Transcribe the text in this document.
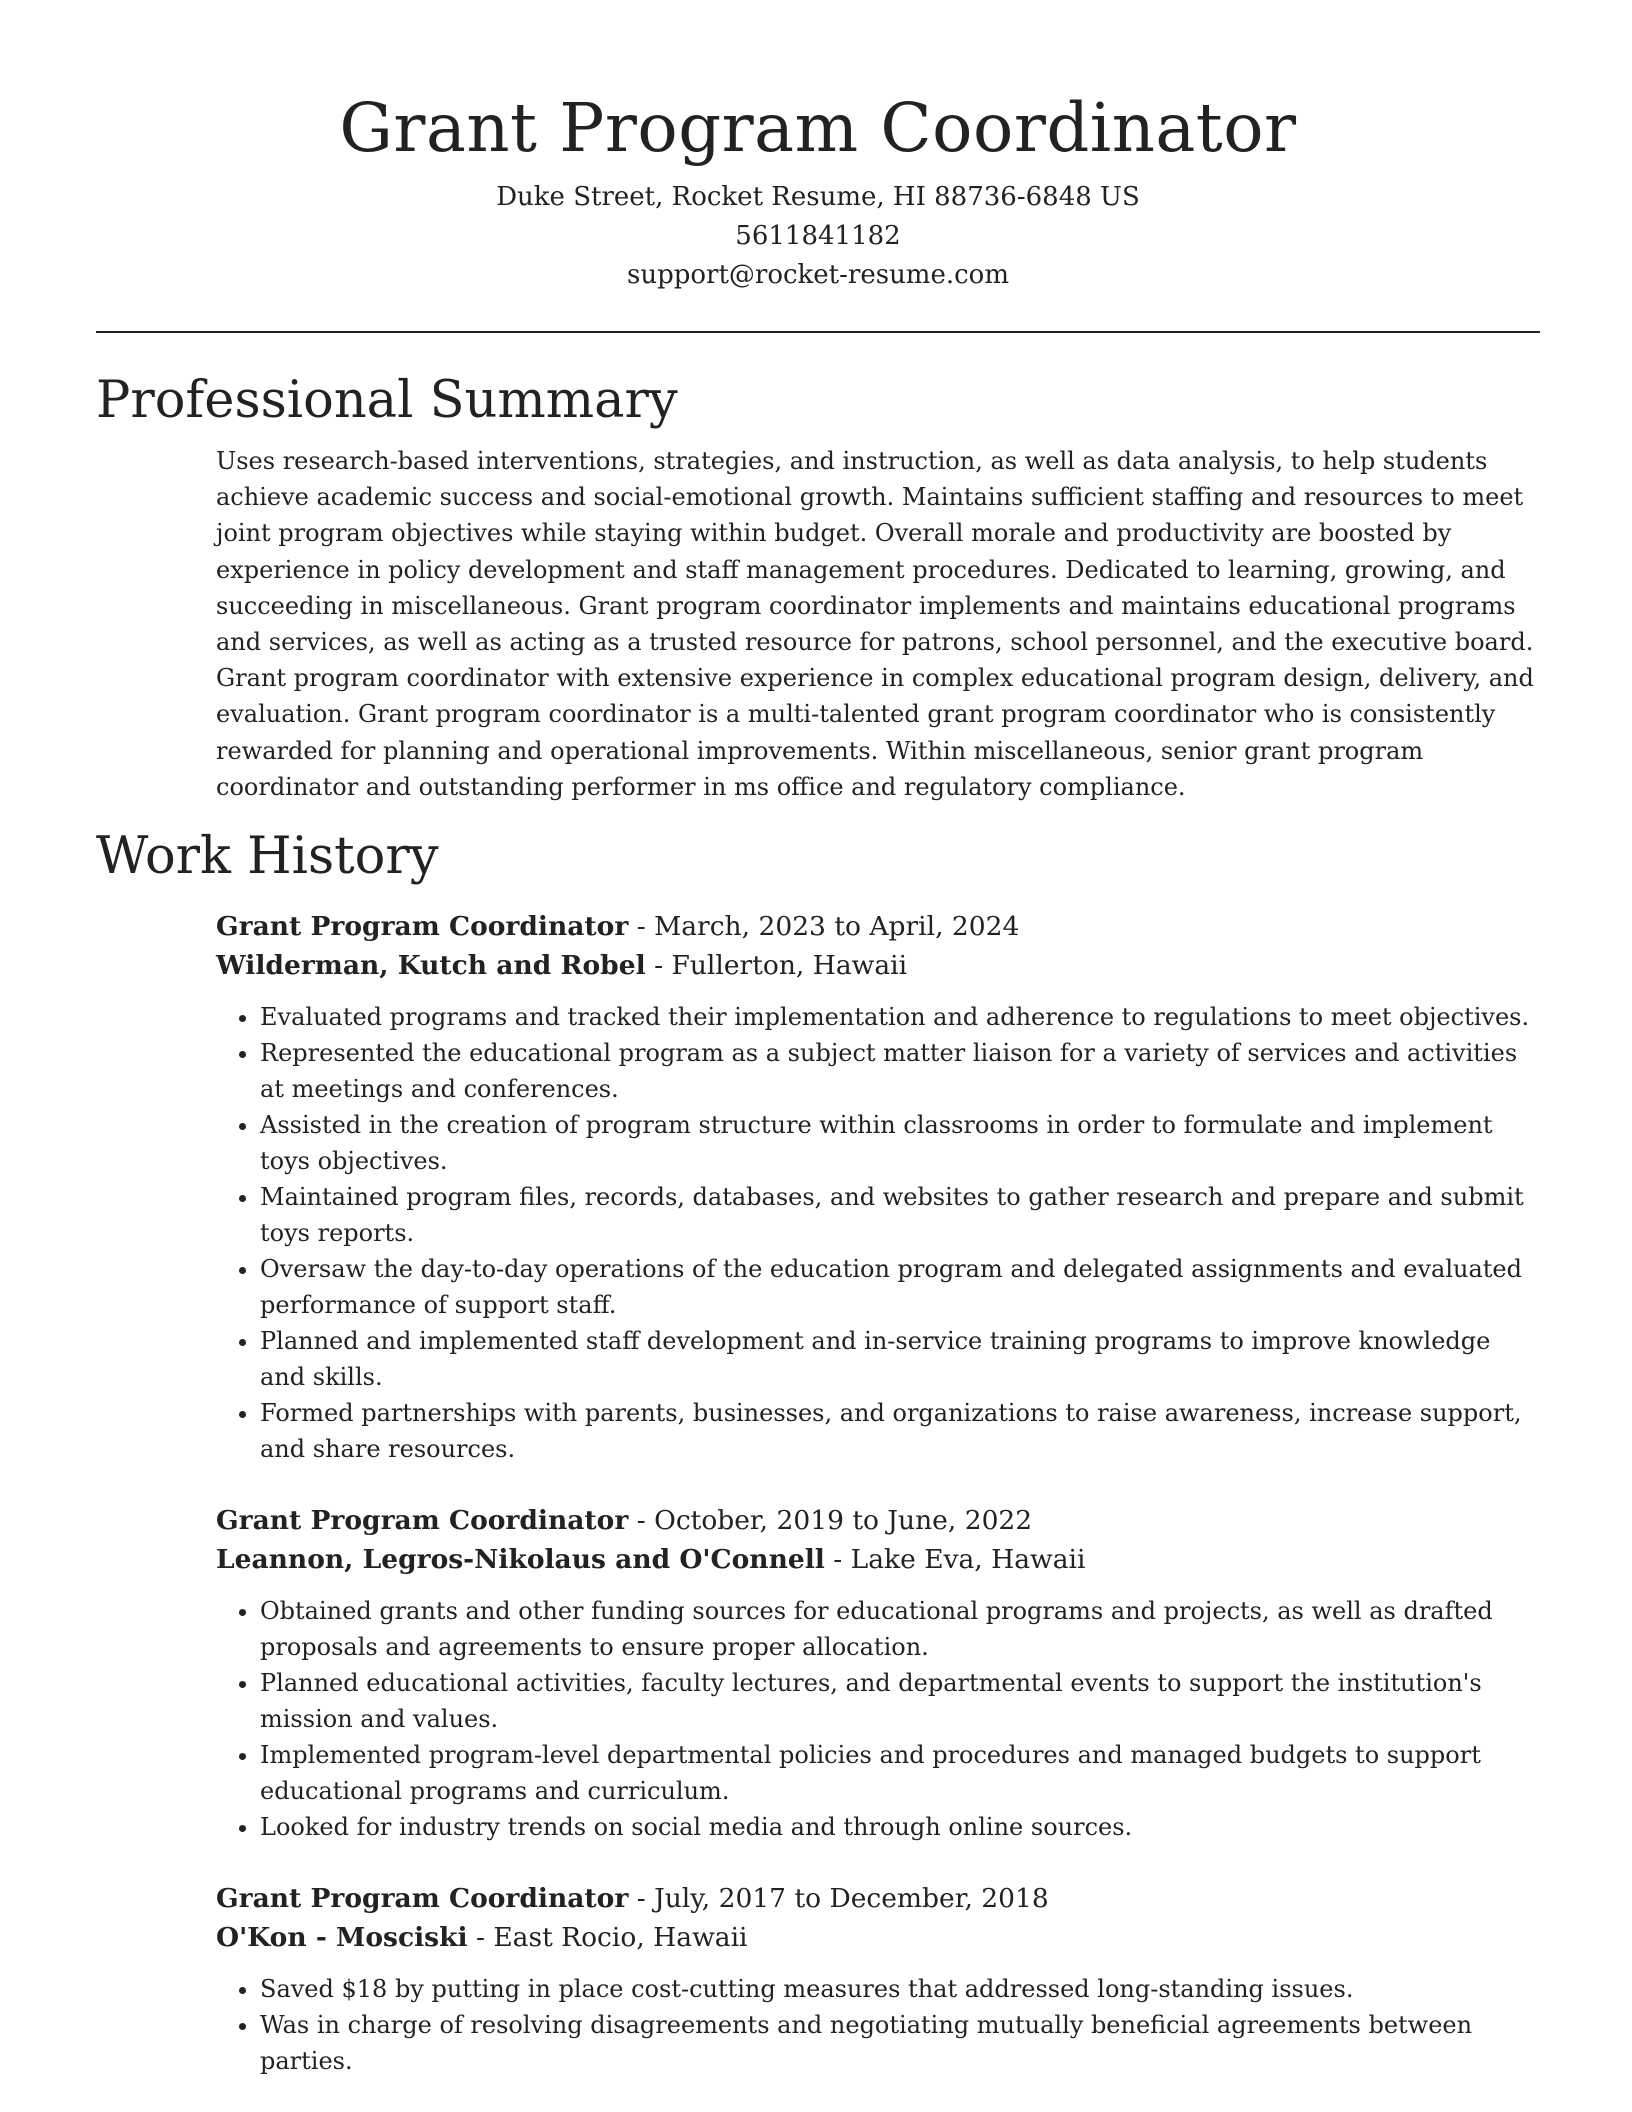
Grant Program Coordinator

Duke Street, Rocket Resume, HI 88736-6848 US

5611841182

support@rocket-resume.com

Professional Summary

Uses research-based interventions, strategies, and instruction, as well as data analysis, to help students achieve academic success and social-emotional growth. Maintains sufficient staffing and resources to meet joint program objectives while staying within budget. Overall morale and productivity are boosted by experience in policy development and staff management procedures. Dedicated to learning, growing, and succeeding in miscellaneous. Grant program coordinator implements and maintains educational programs and services, as well as acting as a trusted resource for patrons, school personnel, and the executive board. Grant program coordinator with extensive experience in complex educational program design, delivery, and evaluation. Grant program coordinator is a multi-talented grant program coordinator who is consistently rewarded for planning and operational improvements. Within miscellaneous, senior grant program coordinator and outstanding performer in ms office and regulatory compliance.

Work History

Grant Program Coordinator - March, 2023 to April, 2024

Wilderman, Kutch and Robel - Fullerton, Hawaii

• Evaluated programs and tracked their implementation and adherence to regulations to meet objectives.
• Represented the educational program as a subject matter liaison for a variety of services and activities at meetings and conferences.
• Assisted in the creation of program structure within classrooms in order to formulate and implement toys objectives.
• Maintained program files, records, databases, and websites to gather research and prepare and submit toys reports.
• Oversaw the day-to-day operations of the education program and delegated assignments and evaluated performance of support staff.
• Planned and implemented staff development and in-service training programs to improve knowledge and skills.
• Formed partnerships with parents, businesses, and organizations to raise awareness, increase support, and share resources.

Grant Program Coordinator - October, 2019 to June, 2022

Leannon, Legros-Nikolaus and O'Connell - Lake Eva, Hawaii

• Obtained grants and other funding sources for educational programs and projects, as well as drafted proposals and agreements to ensure proper allocation.
• Planned educational activities, faculty lectures, and departmental events to support the institution's mission and values.
• Implemented program-level departmental policies and procedures and managed budgets to support educational programs and curriculum.
• Looked for industry trends on social media and through online sources.

Grant Program Coordinator - July, 2017 to December, 2018

O'Kon - Mosciski - East Rocio, Hawaii

• Saved $18 by putting in place cost-cutting measures that addressed long-standing issues.
• Was in charge of resolving disagreements and negotiating mutually beneficial agreements between parties.
